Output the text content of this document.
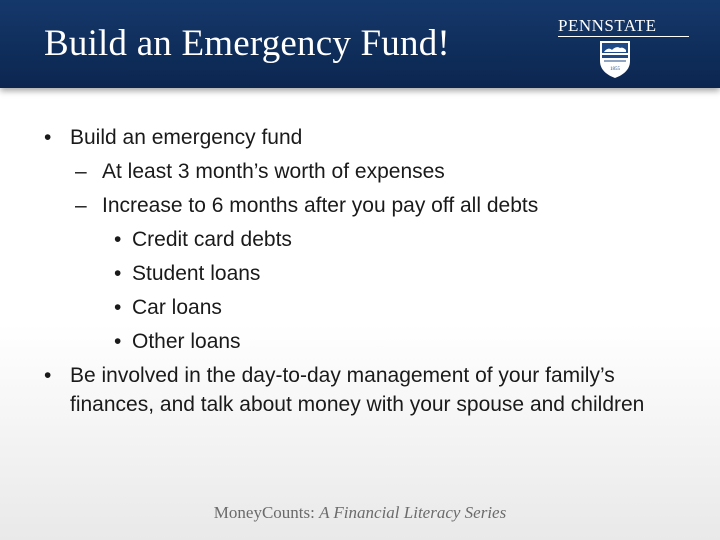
Build an Emergency Fund!	PENNSTATE
1855
• Build an emergency fund
– At least 3 month’s worth of expenses
– Increase to 6 months after you pay off all debts
• Credit card debts
• Student loans
• Car loans
• Other loans
• Be involved in the day-to-day management of your family’s finances, and talk about money with your spouse and children
MoneyCounts: A Financial Literacy Series
